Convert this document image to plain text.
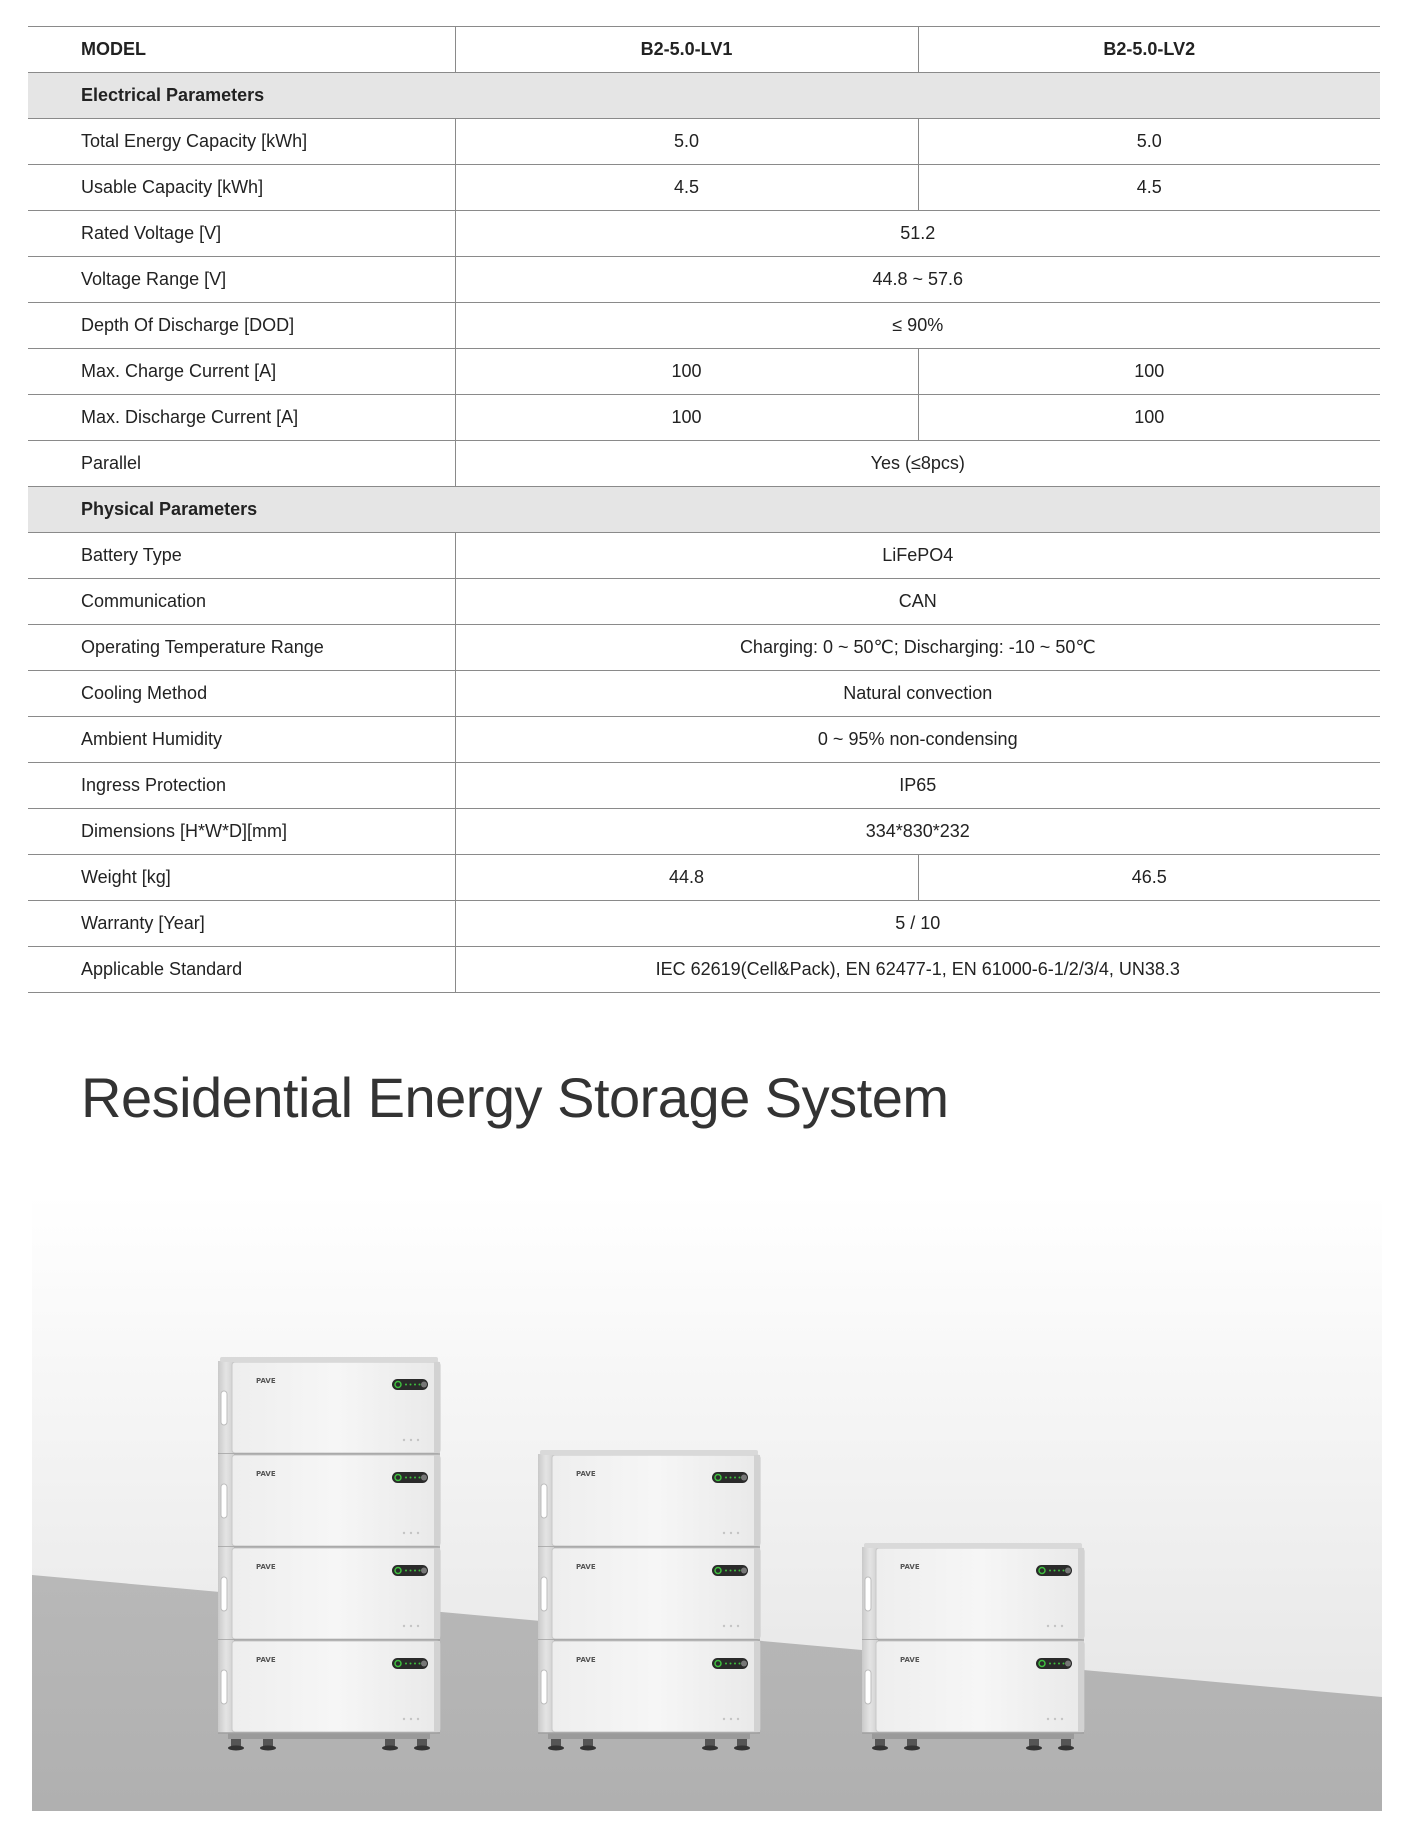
MODEL	B2-5.0-LV1	B2-5.0-LV2
Electrical Parameters		
Total Energy Capacity [kWh]	5.0	5.0
Usable Capacity [kWh]	4.5	4.5
Rated Voltage [V]	51.2	
Voltage Range [V]	44.8 ~ 57.6	
Depth Of Discharge [DOD]	≤ 90%	
Max. Charge Current [A]	100	100
Max. Discharge Current [A]	100	100
Parallel	Yes (≤8pcs)	
Physical Parameters		
Battery Type	LiFePO4	
Communication	CAN	
Operating Temperature Range	Charging: 0 ~ 50℃; Discharging: -10 ~ 50℃	
Cooling Method	Natural convection	
Ambient Humidity	0 ~ 95% non-condensing	
Ingress Protection	IP65	
Dimensions [H*W*D][mm]	334*830*232	
Weight [kg]	44.8	46.5
Warranty [Year]	5 / 10	
Applicable Standard	IEC 62619(Cell&Pack), EN 62477-1, EN 61000-6-1/2/3/4, UN38.3	
Residential Energy Storage System
PAVE
PAVE
PAVE
PAVE
PAVE
PAVE
PAVE
PAVE
PAVE
